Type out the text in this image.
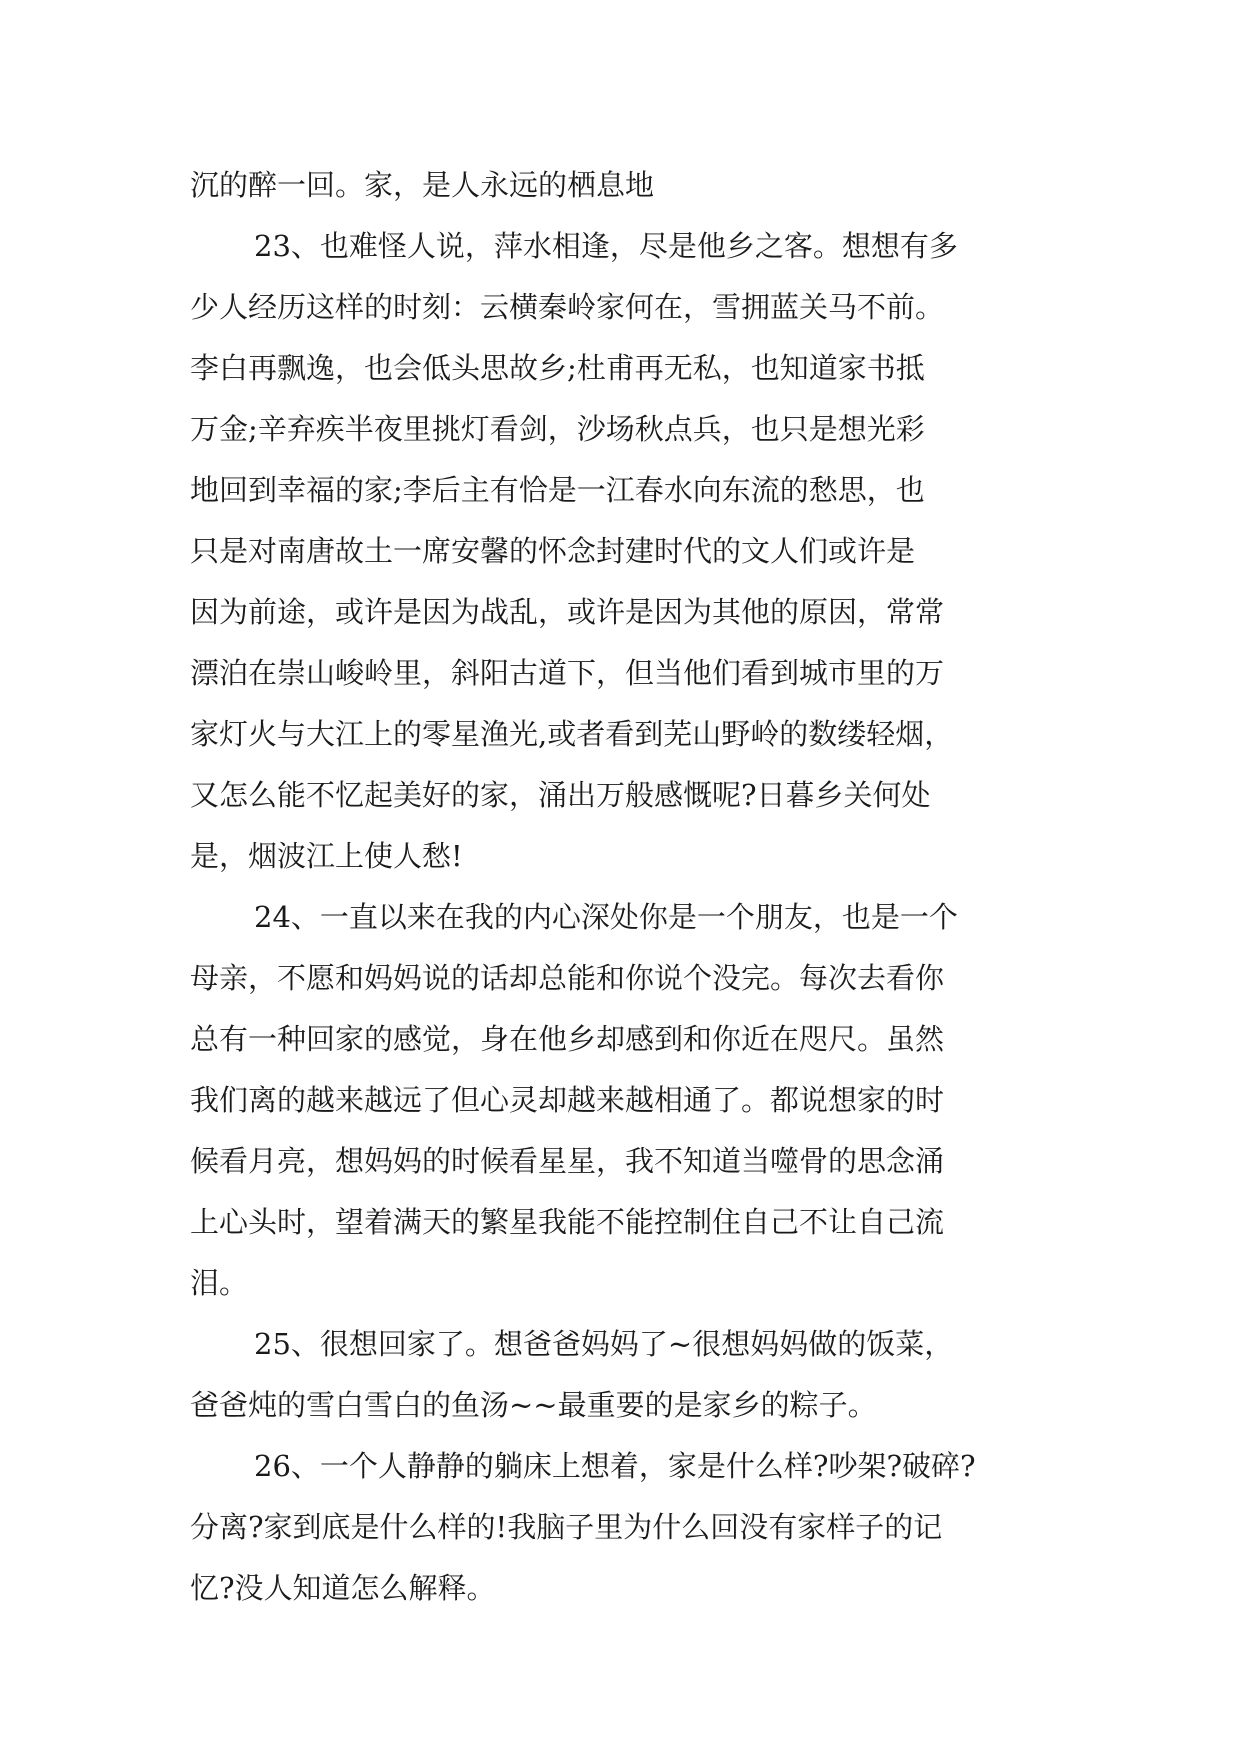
沉的醉一回。家，是人永远的栖息地
23、也难怪人说，萍水相逢，尽是他乡之客。想想有多
少人经历这样的时刻：云横秦岭家何在，雪拥蓝关马不前。
李白再飘逸，也会低头思故乡;杜甫再无私，也知道家书抵
万金;辛弃疾半夜里挑灯看剑，沙场秋点兵，也只是想光彩
地回到幸福的家;李后主有恰是一江春水向东流的愁思，也
只是对南唐故土一席安馨的怀念封建时代的文人们或许是
因为前途，或许是因为战乱，或许是因为其他的原因，常常
漂泊在崇山峻岭里，斜阳古道下，但当他们看到城市里的万
家灯火与大江上的零星渔光,或者看到芜山野岭的数缕轻烟，
又怎么能不忆起美好的家，涌出万般感慨呢?日暮乡关何处
是，烟波江上使人愁!
24、一直以来在我的内心深处你是一个朋友，也是一个
母亲，不愿和妈妈说的话却总能和你说个没完。每次去看你
总有一种回家的感觉，身在他乡却感到和你近在咫尺。虽然
我们离的越来越远了但心灵却越来越相通了。都说想家的时
候看月亮，想妈妈的时候看星星，我不知道当噬骨的思念涌
上心头时，望着满天的繁星我能不能控制住自己不让自己流
泪。
25、很想回家了。想爸爸妈妈了~很想妈妈做的饭菜，
爸爸炖的雪白雪白的鱼汤~~最重要的是家乡的粽子。
26、一个人静静的躺床上想着，家是什么样?吵架?破碎?
分离?家到底是什么样的!我脑子里为什么回没有家样子的记
忆?没人知道怎么解释。
